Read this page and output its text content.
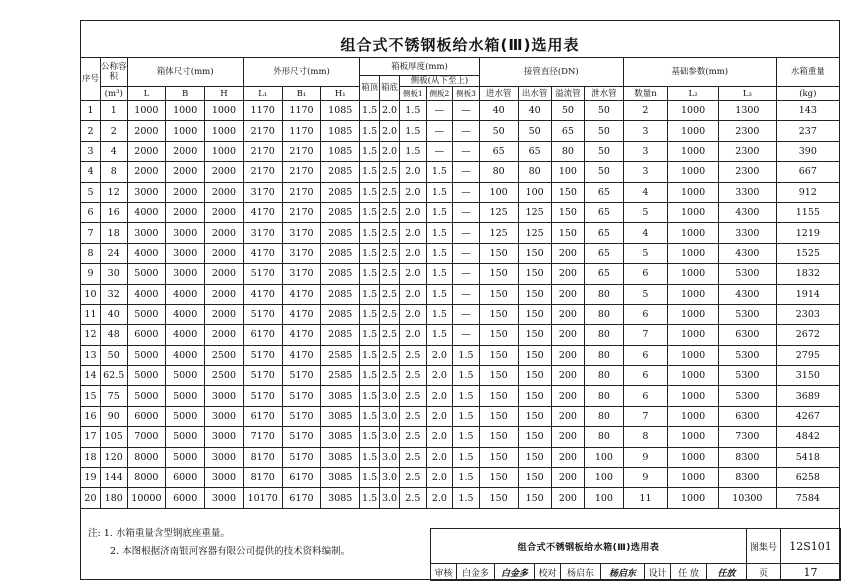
组合式不锈钢板给水箱(Ⅲ)选用表
序号	公称容积	箱体尺寸(mm)			外形尺寸(mm)			箱板厚度(mm)					接管直径(DN)				基础参数(mm)			水箱重量
								箱顶	箱底	侧板(从下至上)										
	(m³)	L	B	H	L₁	B₁	H₁			侧板1	侧板2	侧板3	进水管	出水管	溢流管	泄水管	数量n	L₂	L₃	(kg)
1	1	1000	1000	1000	1170	1170	1085	1.5	2.0	1.5	—	—	40	40	50	50	2	1000	1300	143
2	2	2000	1000	1000	2170	1170	1085	1.5	2.0	1.5	—	—	50	50	65	50	3	1000	2300	237
3	4	2000	2000	1000	2170	2170	1085	1.5	2.0	1.5	—	—	65	65	80	50	3	1000	2300	390
4	8	2000	2000	2000	2170	2170	2085	1.5	2.5	2.0	1.5	—	80	80	100	50	3	1000	2300	667
5	12	3000	2000	2000	3170	2170	2085	1.5	2.5	2.0	1.5	—	100	100	150	65	4	1000	3300	912
6	16	4000	2000	2000	4170	2170	2085	1.5	2.5	2.0	1.5	—	125	125	150	65	5	1000	4300	1155
7	18	3000	3000	2000	3170	3170	2085	1.5	2.5	2.0	1.5	—	125	125	150	65	4	1000	3300	1219
8	24	4000	3000	2000	4170	3170	2085	1.5	2.5	2.0	1.5	—	150	150	200	65	5	1000	4300	1525
9	30	5000	3000	2000	5170	3170	2085	1.5	2.5	2.0	1.5	—	150	150	200	65	6	1000	5300	1832
10	32	4000	4000	2000	4170	4170	2085	1.5	2.5	2.0	1.5	—	150	150	200	80	5	1000	4300	1914
11	40	5000	4000	2000	5170	4170	2085	1.5	2.5	2.0	1.5	—	150	150	200	80	6	1000	5300	2303
12	48	6000	4000	2000	6170	4170	2085	1.5	2.5	2.0	1.5	—	150	150	200	80	7	1000	6300	2672
13	50	5000	4000	2500	5170	4170	2585	1.5	2.5	2.5	2.0	1.5	150	150	200	80	6	1000	5300	2795
14	62.5	5000	5000	2500	5170	5170	2585	1.5	2.5	2.5	2.0	1.5	150	150	200	80	6	1000	5300	3150
15	75	5000	5000	3000	5170	5170	3085	1.5	3.0	2.5	2.0	1.5	150	150	200	80	6	1000	5300	3689
16	90	6000	5000	3000	6170	5170	3085	1.5	3.0	2.5	2.0	1.5	150	150	200	80	7	1000	6300	4267
17	105	7000	5000	3000	7170	5170	3085	1.5	3.0	2.5	2.0	1.5	150	150	200	80	8	1000	7300	4842
18	120	8000	5000	3000	8170	5170	3085	1.5	3.0	2.5	2.0	1.5	150	150	200	100	9	1000	8300	5418
19	144	8000	6000	3000	8170	6170	3085	1.5	3.0	2.5	2.0	1.5	150	150	200	100	9	1000	8300	6258
20	180	10000	6000	3000	10170	6170	3085	1.5	3.0	2.5	2.0	1.5	150	150	200	100	11	1000	10300	7584
注: 1. 水箱重量含型钢底座重量。
2. 本图根据济南银河容器有限公司提供的技术资料编制。	组合式不锈钢板给水箱(Ⅲ)选用表									图集号	12S101
审核	白金多	白金多	校对	杨启东	杨启东	设计	任 放	任放	页	17
